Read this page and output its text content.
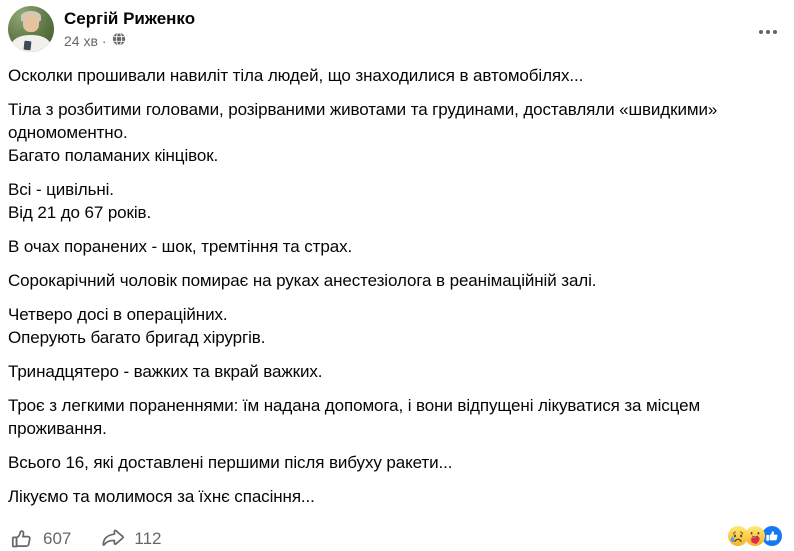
Сергій Риженко
24 хв ·

Осколки прошивали навиліт тіла людей, що знаходилися в автомобілях...

Тіла з розбитими головами, розірваними животами та грудинами, доставляли «швидкими» одномоментно.
Багато поламаних кінцівок.

Всі - цивільні.
Від 21 до 67 років.

В очах поранених - шок, тремтіння та страх.

Сорокарічний чоловік помирає на руках анестезіолога в реанімаційній залі.

Четверо досі в операційних.
Оперують багато бригад хірургів.

Тринадцятеро - важких та вкрай важких.

Троє з легкими пораненнями: їм надана допомога, і вони відпущені лікуватися за місцем проживання.

Всього 16, які доставлені першими після вибуху ракети...

Лікуємо та молимося за їхнє спасіння...

607	112
